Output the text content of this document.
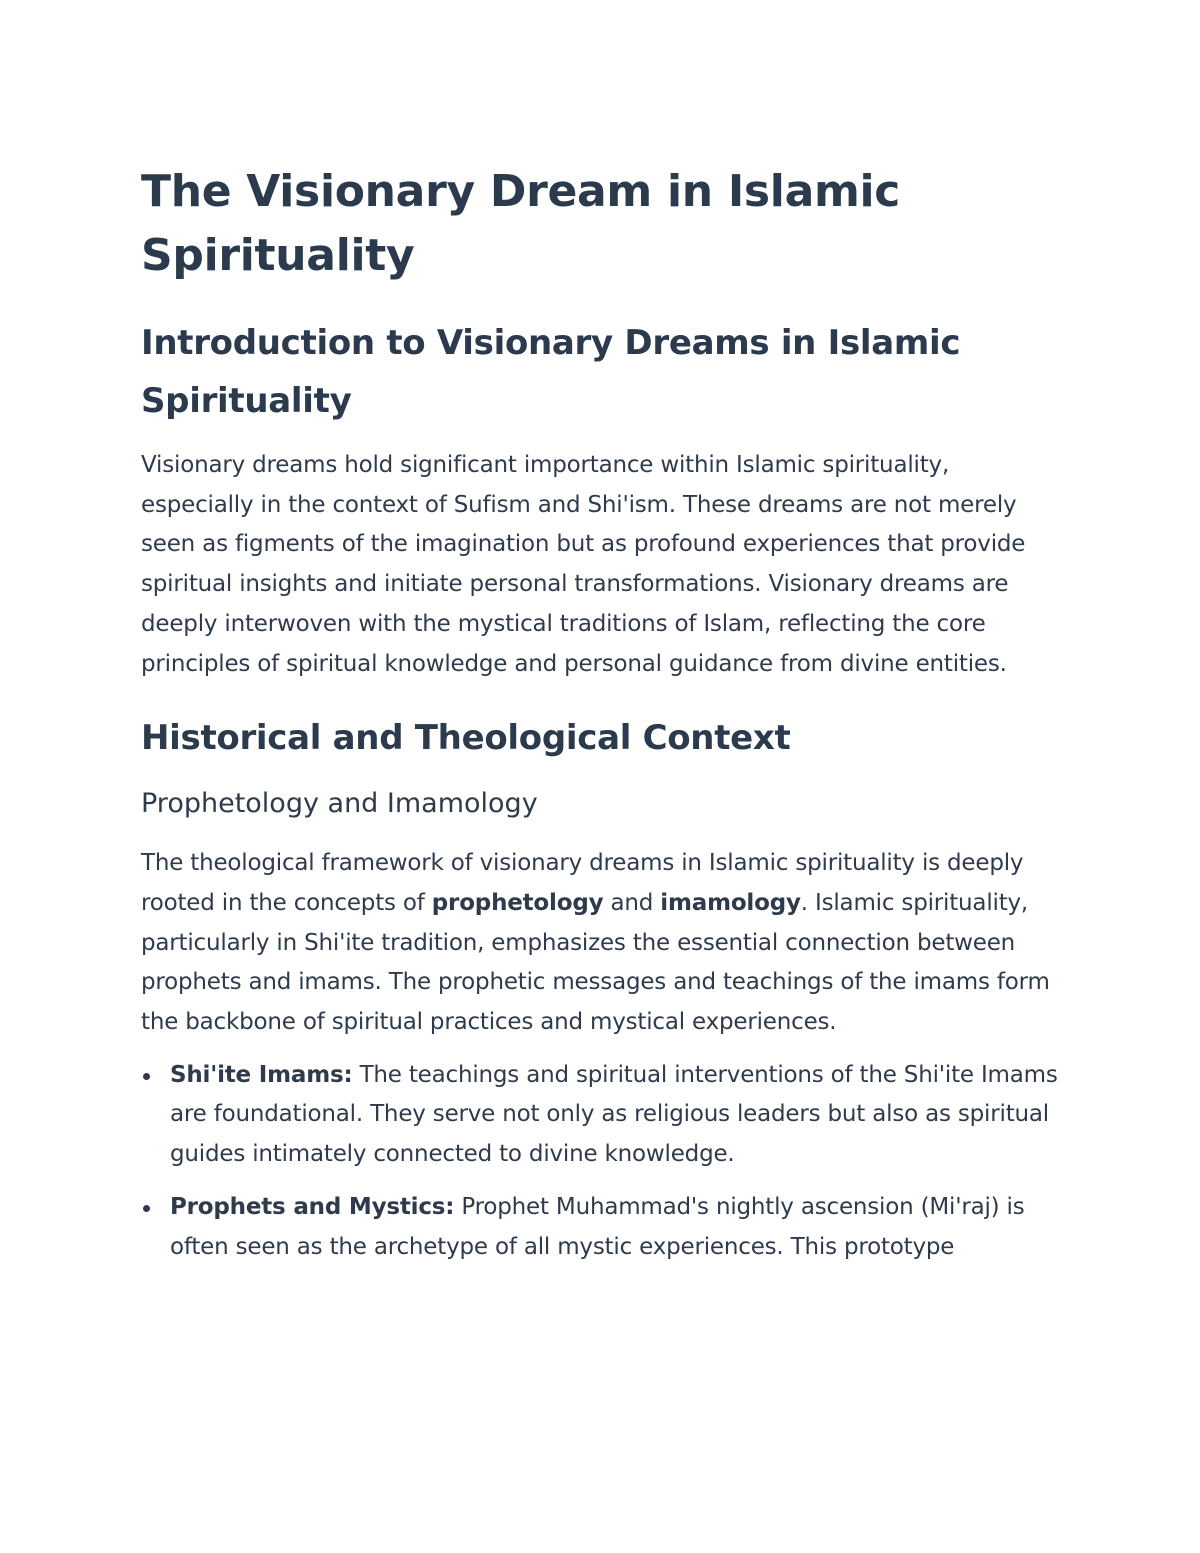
The Visionary Dream in Islamic Spirituality
Introduction to Visionary Dreams in Islamic Spirituality

Visionary dreams hold significant importance within Islamic spirituality, especially in the context of Sufism and Shi'ism. These dreams are not merely seen as figments of the imagination but as profound experiences that provide spiritual insights and initiate personal transformations. Visionary dreams are deeply interwoven with the mystical traditions of Islam, reflecting the core principles of spiritual knowledge and personal guidance from divine entities.

Historical and Theological Context
Prophetology and Imamology

The theological framework of visionary dreams in Islamic spirituality is deeply rooted in the concepts of prophetology and imamology. Islamic spirituality, particularly in Shi'ite tradition, emphasizes the essential connection between prophets and imams. The prophetic messages and teachings of the imams form the backbone of spiritual practices and mystical experiences.

Shi'ite Imams: The teachings and spiritual interventions of the Shi'ite Imams are foundational. They serve not only as religious leaders but also as spiritual guides intimately connected to divine knowledge.
Prophets and Mystics: Prophet Muhammad's nightly ascension (Mi'raj) is often seen as the archetype of all mystic experiences. This prototype
